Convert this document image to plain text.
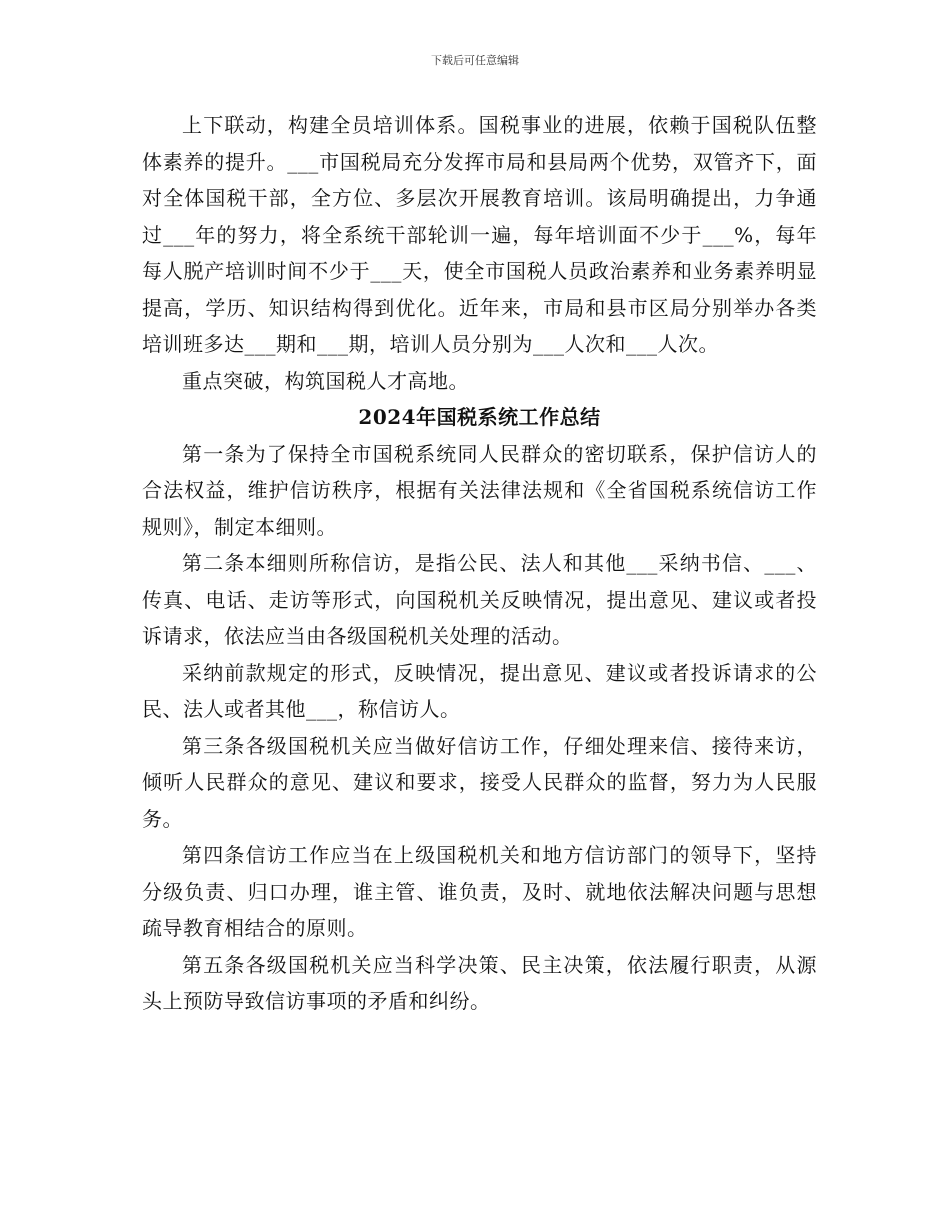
下载后可任意编辑

上下联动，构建全员培训体系。国税事业的进展，依赖于国税队伍整体素养的提升。___市国税局充分发挥市局和县局两个优势，双管齐下，面对全体国税干部，全方位、多层次开展教育培训。该局明确提出，力争通过___年的努力，将全系统干部轮训一遍，每年培训面不少于___%，每年每人脱产培训时间不少于___天，使全市国税人员政治素养和业务素养明显提高，学历、知识结构得到优化。近年来，市局和县市区局分别举办各类培训班多达___期和___期，培训人员分别为___人次和___人次。

重点突破，构筑国税人才高地。

2024年国税系统工作总结

第一条为了保持全市国税系统同人民群众的密切联系，保护信访人的合法权益，维护信访秩序，根据有关法律法规和《全省国税系统信访工作规则》，制定本细则。

第二条本细则所称信访，是指公民、法人和其他___采纳书信、___、传真、电话、走访等形式，向国税机关反映情况，提出意见、建议或者投诉请求，依法应当由各级国税机关处理的活动。

采纳前款规定的形式，反映情况，提出意见、建议或者投诉请求的公民、法人或者其他___，称信访人。

第三条各级国税机关应当做好信访工作，仔细处理来信、接待来访，倾听人民群众的意见、建议和要求，接受人民群众的监督，努力为人民服务。

第四条信访工作应当在上级国税机关和地方信访部门的领导下，坚持分级负责、归口办理，谁主管、谁负责，及时、就地依法解决问题与思想疏导教育相结合的原则。

第五条各级国税机关应当科学决策、民主决策，依法履行职责，从源头上预防导致信访事项的矛盾和纠纷。
